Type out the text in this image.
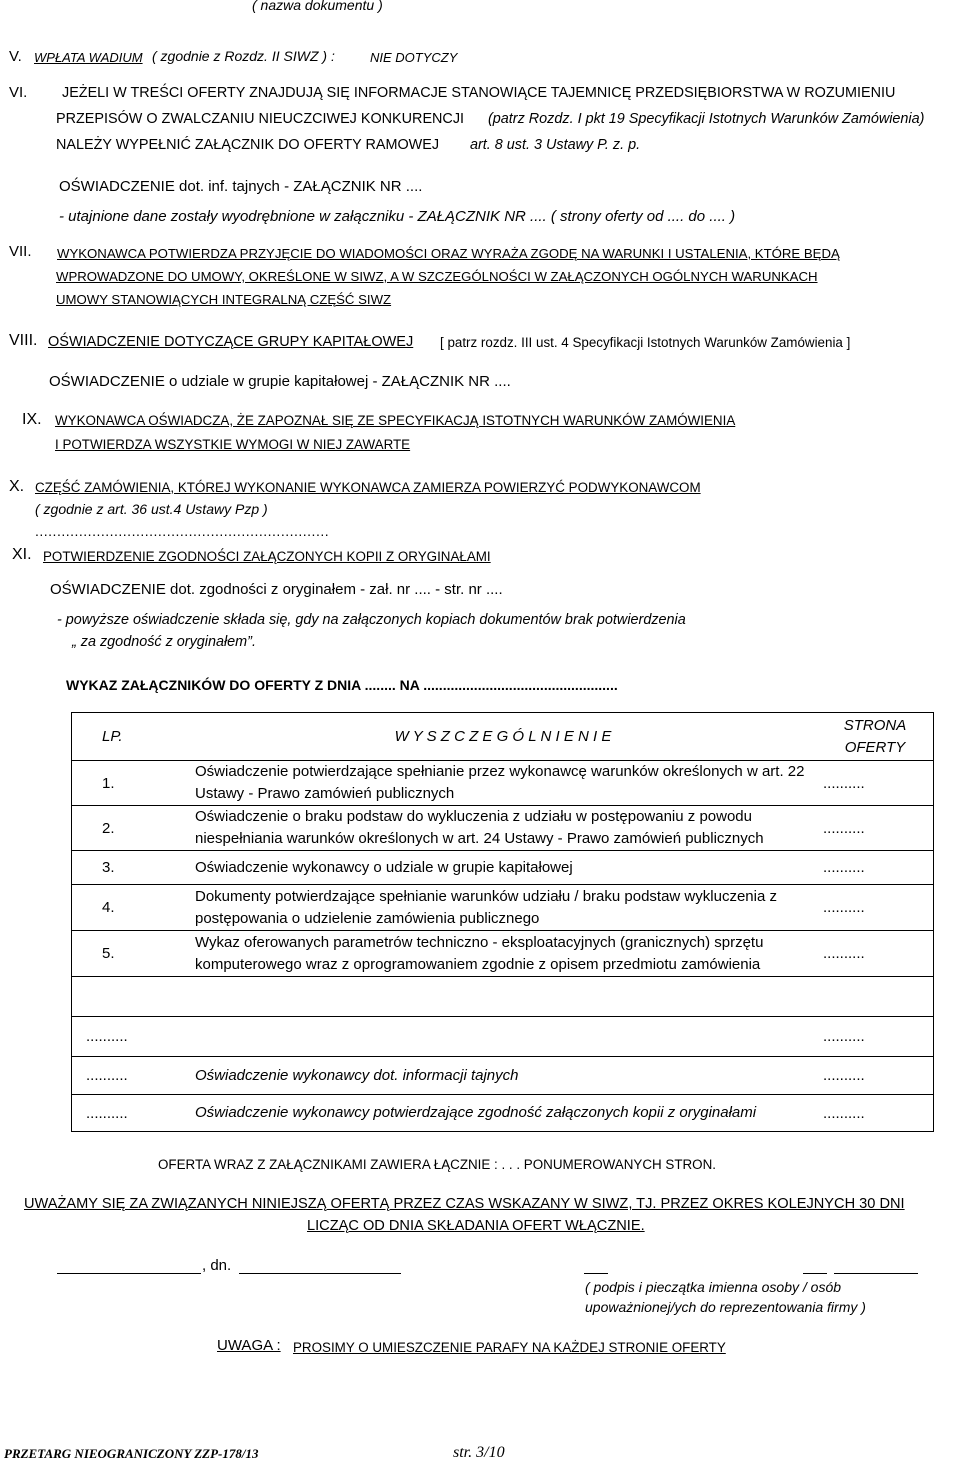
( nazwa dokumentu )
V. WPŁATA WADIUM ( zgodnie z Rozdz. II SIWZ ) :	NIE DOTYCZY
VI. JEŻELI W TREŚCI OFERTY ZNAJDUJĄ SIĘ INFORMACJE STANOWIĄCE TAJEMNICĘ PRZEDSIĘBIORSTWA W ROZUMIENIU
PRZEPISÓW O ZWALCZANIU NIEUCZCIWEJ KONKURENCJI (patrz Rozdz. I pkt 19 Specyfikacji Istotnych Warunków Zamówienia)
NALEŻY WYPEŁNIĆ ZAŁĄCZNIK DO OFERTY RAMOWEJ art. 8 ust. 3 Ustawy P. z. p.
OŚWIADCZENIE dot. inf. tajnych - ZAŁĄCZNIK NR ....
- utajnione dane zostały wyodrębnione w załączniku - ZAŁĄCZNIK NR .... ( strony oferty od .... do .... )
VII. WYKONAWCA POTWIERDZA PRZYJĘCIE DO WIADOMOŚCI ORAZ WYRAŻA ZGODĘ NA WARUNKI I USTALENIA, KTÓRE BĘDĄ
WPROWADZONE DO UMOWY, OKREŚLONE W SIWZ, A W SZCZEGÓLNOŚCI W ZAŁĄCZONYCH OGÓLNYCH WARUNKACH
UMOWY STANOWIĄCYCH INTEGRALNĄ CZĘŚĆ SIWZ
VIII. OŚWIADCZENIE DOTYCZĄCE GRUPY KAPITAŁOWEJ [ patrz rozdz. III ust. 4 Specyfikacji Istotnych Warunków Zamówienia ]
OŚWIADCZENIE o udziale w grupie kapitałowej - ZAŁĄCZNIK NR ....
IX. WYKONAWCA OŚWIADCZA, ŻE ZAPOZNAŁ SIĘ ZE SPECYFIKACJĄ ISTOTNYCH WARUNKÓW ZAMÓWIENIA
I POTWIERDZA WSZYSTKIE WYMOGI W NIEJ ZAWARTE
X. CZĘŚĆ ZAMÓWIENIA, KTÓREJ WYKONANIE WYKONAWCA ZAMIERZA POWIERZYĆ PODWYKONAWCOM
( zgodnie z art. 36 ust.4 Ustawy Pzp )
...................................................................
XI. POTWIERDZENIE ZGODNOŚCI ZAŁĄCZONYCH KOPII Z ORYGINAŁAMI
OŚWIADCZENIE dot. zgodności z oryginałem - zał. nr .... - str. nr ....
- powyższe oświadczenie składa się, gdy na załączonych kopiach dokumentów brak potwierdzenia
„ za zgodność z oryginałem”.
WYKAZ ZAŁĄCZNIKÓW DO OFERTY Z DNIA ........ NA ..................................................
LP.	W Y S Z C Z E G Ó L N I E N I E	STRONA
OFERTY
1.	Oświadczenie potwierdzające spełnianie przez wykonawcę warunków określonych w art. 22 Ustawy - Prawo zamówień publicznych	..........
2.	Oświadczenie o braku podstaw do wykluczenia z udziału w postępowaniu z powodu niespełniania warunków określonych w art. 24 Ustawy - Prawo zamówień publicznych	..........
3.	Oświadczenie wykonawcy o udziale w grupie kapitałowej	..........
4.	Dokumenty potwierdzające spełnianie warunków udziału / braku podstaw wykluczenia z postępowania o udzielenie zamówienia publicznego	..........
5.	Wykaz oferowanych parametrów techniczno - eksploatacyjnych (granicznych) sprzętu komputerowego wraz z oprogramowaniem zgodnie z opisem przedmiotu zamówienia	..........

..........		..........
..........	Oświadczenie wykonawcy dot. informacji tajnych	..........
..........	Oświadczenie wykonawcy potwierdzające zgodność załączonych kopii z oryginałami	..........
OFERTA WRAZ Z ZAŁĄCZNIKAMI ZAWIERA ŁĄCZNIE : . . . PONUMEROWANYCH STRON.
UWAŻAMY SIĘ ZA ZWIĄZANYCH NINIEJSZĄ OFERTĄ PRZEZ CZAS WSKAZANY W SIWZ, TJ. PRZEZ OKRES KOLEJNYCH 30 DNI
LICZĄC OD DNIA SKŁADANIA OFERT WŁĄCZNIE.
, dn.
( podpis i pieczątka imienna osoby / osób
upoważnionej/ych do reprezentowania firmy )
UWAGA : PROSIMY O UMIESZCZENIE PARAFY NA KAŻDEJ STRONIE OFERTY
PRZETARG NIEOGRANICZONY ZZP-178/13	str. 3/10
